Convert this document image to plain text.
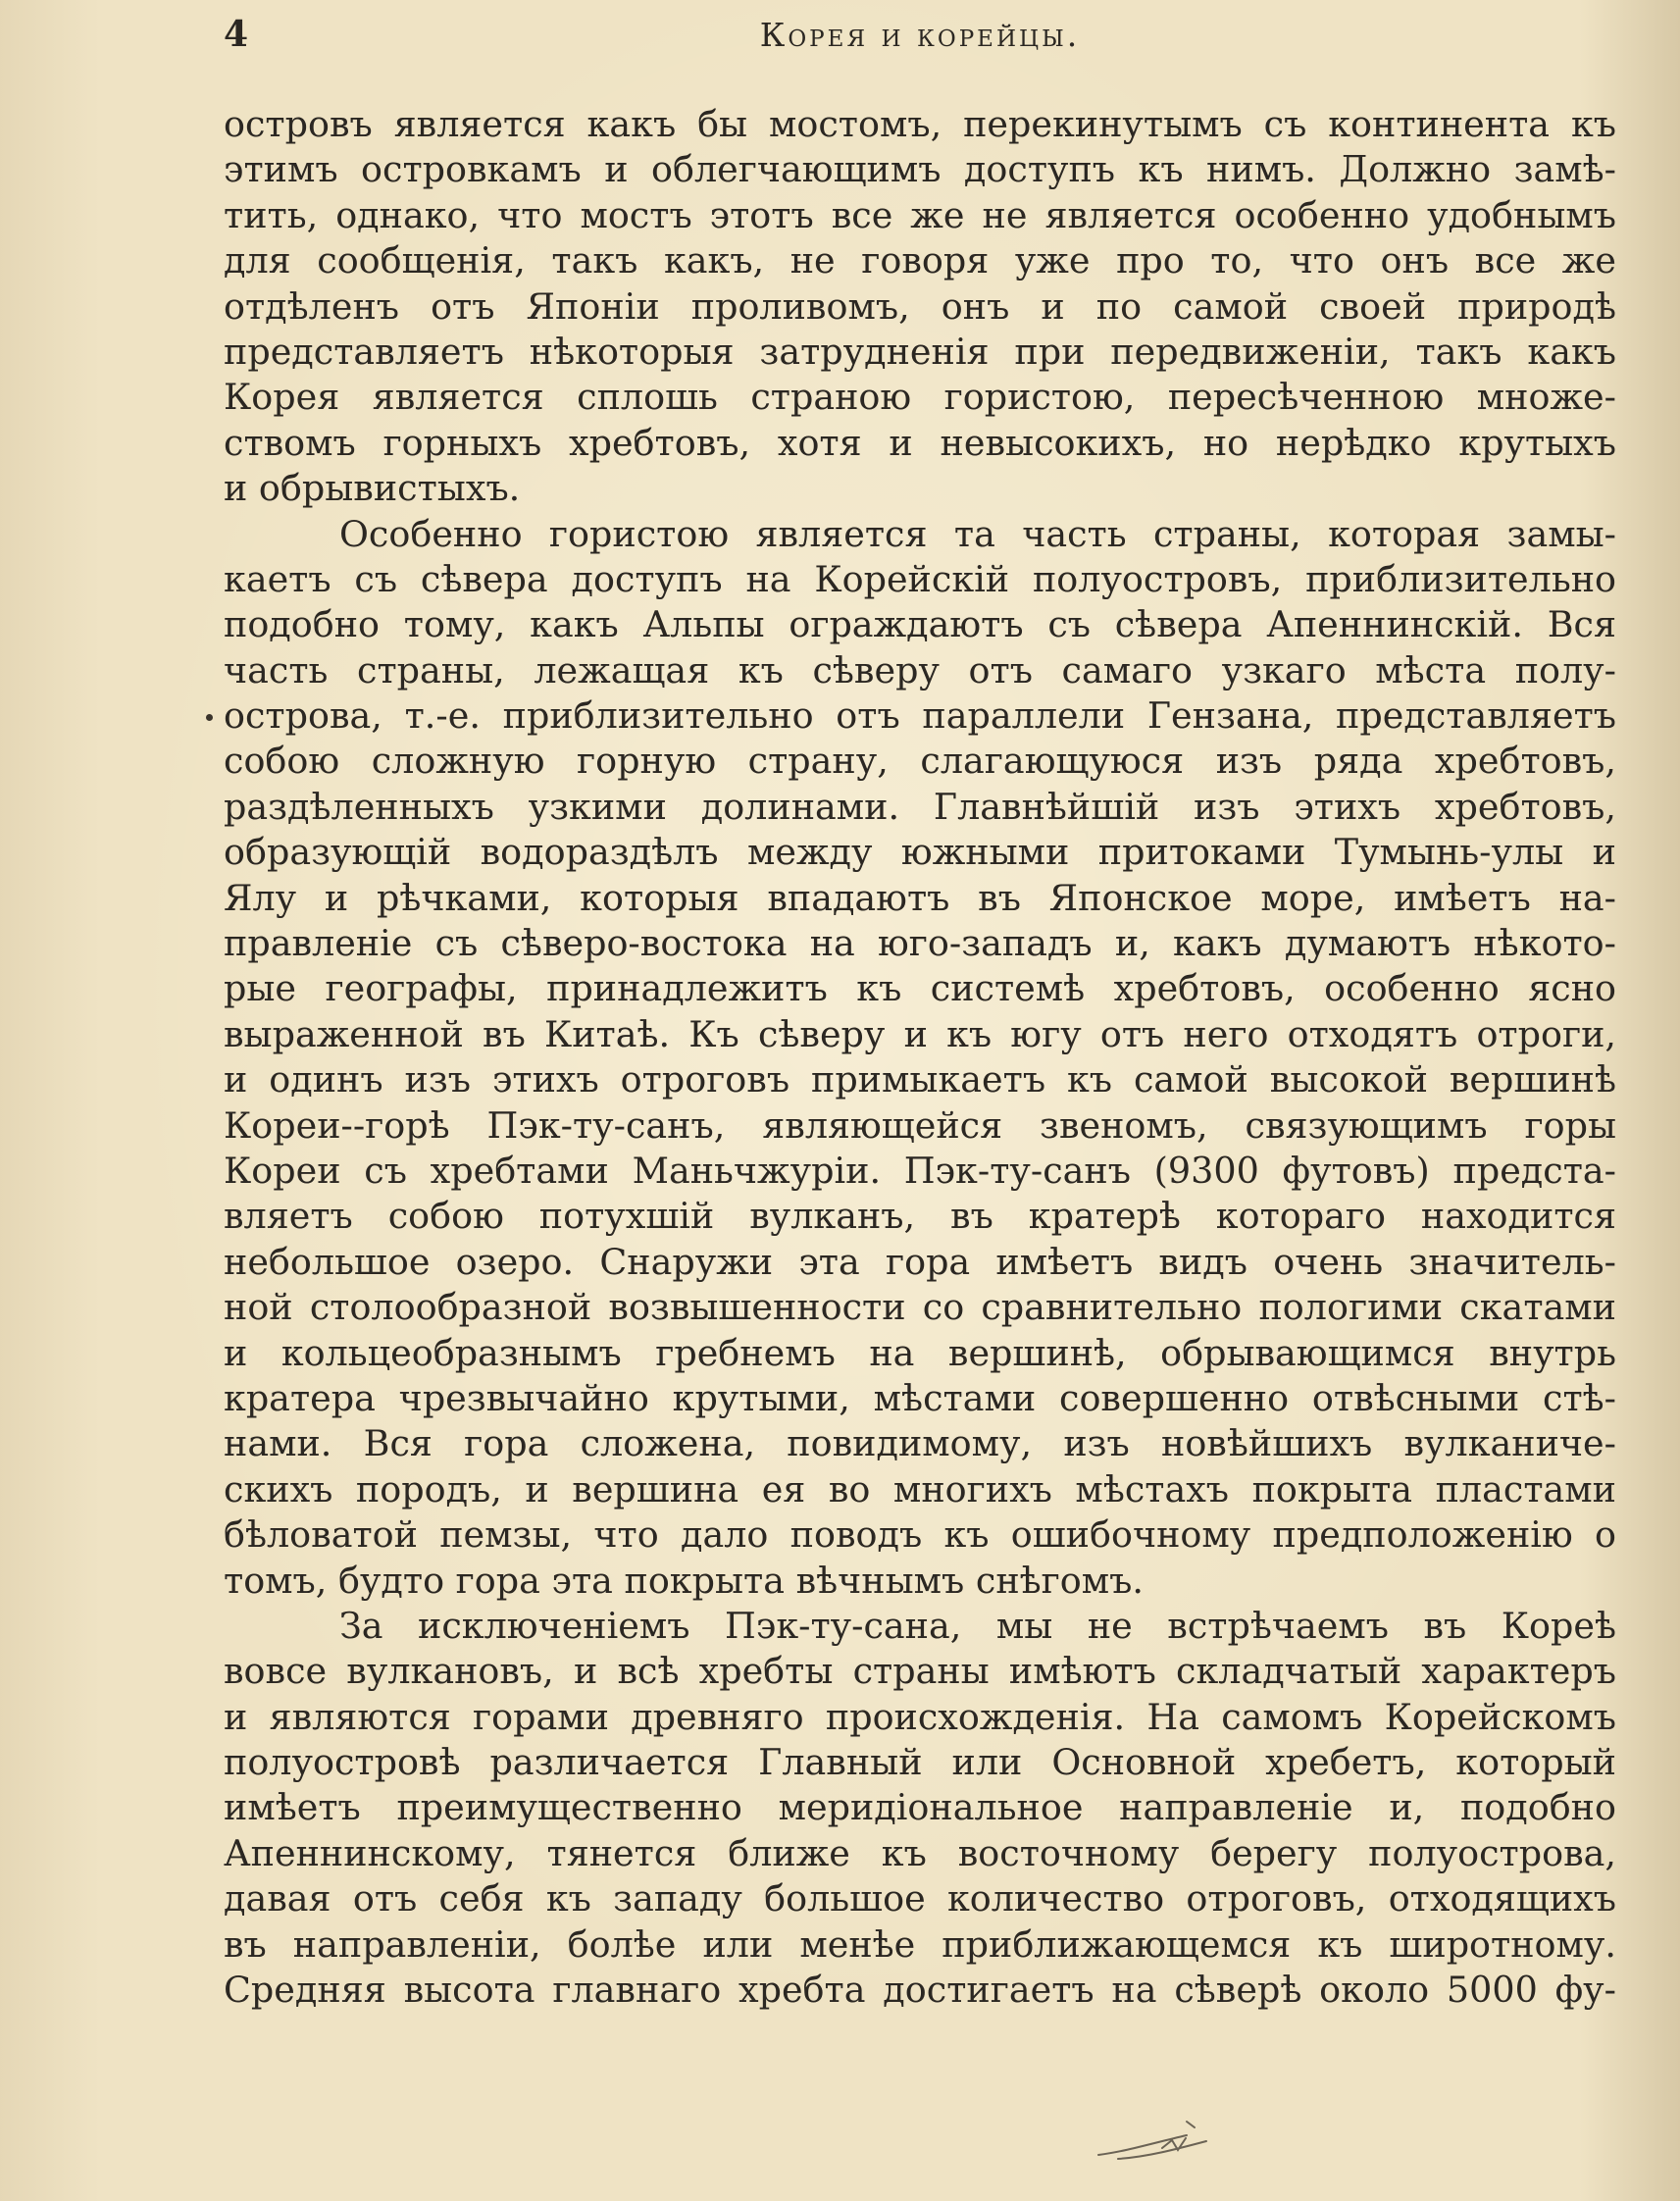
4	Корея и корейцы.
островъ является какъ бы мостомъ, перекинутымъ съ континента къ
этимъ островкамъ и облегчающимъ доступъ къ нимъ. Должно замѣ-
тить, однако, что мостъ этотъ все же не является особенно удобнымъ
для сообщенія, такъ какъ, не говоря уже про то, что онъ все же
отдѣленъ отъ Японіи проливомъ, онъ и по самой своей природѣ
представляетъ нѣкоторыя затрудненія при передвиженіи, такъ какъ
Корея является сплошь страною гористою, пересѣченною множе-
ствомъ горныхъ хребтовъ, хотя и невысокихъ, но нерѣдко крутыхъ
и обрывистыхъ.
Особенно гористою является та часть страны, которая замы-
каетъ съ сѣвера доступъ на Корейскій полуостровъ, приблизительно
подобно тому, какъ Альпы ограждаютъ съ сѣвера Апеннинскій. Вся
часть страны, лежащая къ сѣверу отъ самаго узкаго мѣста полу-
острова, т.-е. приблизительно отъ параллели Гензана, представляетъ
собою сложную горную страну, слагающуюся изъ ряда хребтовъ,
раздѣленныхъ узкими долинами. Главнѣйшій изъ этихъ хребтовъ,
образующій водораздѣлъ между южными притоками Тумынь-улы и
Ялу и рѣчками, которыя впадаютъ въ Японское море, имѣетъ на-
правленіе съ сѣверо-востока на юго-западъ и, какъ думаютъ нѣкото-
рые географы, принадлежитъ къ системѣ хребтовъ, особенно ясно
выраженной въ Китаѣ. Къ сѣверу и къ югу отъ него отходятъ отроги,
и одинъ изъ этихъ отроговъ примыкаетъ къ самой высокой вершинѣ
Кореи--горѣ Пэк-ту-санъ, являющейся звеномъ, связующимъ горы
Кореи съ хребтами Маньчжуріи. Пэк-ту-санъ (9300 футовъ) предста-
вляетъ собою потухшій вулканъ, въ кратерѣ котораго находится
небольшое озеро. Снаружи эта гора имѣетъ видъ очень значитель-
ной столообразной возвышенности со сравнительно пологими скатами
и кольцеобразнымъ гребнемъ на вершинѣ, обрывающимся внутрь
кратера чрезвычайно крутыми, мѣстами совершенно отвѣсными стѣ-
нами. Вся гора сложена, повидимому, изъ новѣйшихъ вулканиче-
скихъ породъ, и вершина ея во многихъ мѣстахъ покрыта пластами
бѣловатой пемзы, что дало поводъ къ ошибочному предположенію о
томъ, будто гора эта покрыта вѣчнымъ снѣгомъ.
За исключеніемъ Пэк-ту-сана, мы не встрѣчаемъ въ Кореѣ
вовсе вулкановъ, и всѣ хребты страны имѣютъ складчатый характеръ
и являются горами древняго происхожденія. На самомъ Корейскомъ
полуостровѣ различается Главный или Основной хребетъ, который
имѣетъ преимущественно меридіональное направленіе и, подобно
Апеннинскому, тянется ближе къ восточному берегу полуострова,
давая отъ себя къ западу большое количество отроговъ, отходящихъ
въ направленіи, болѣе или менѣе приближающемся къ широтному.
Средняя высота главнаго хребта достигаетъ на сѣверѣ около 5000 фу-
